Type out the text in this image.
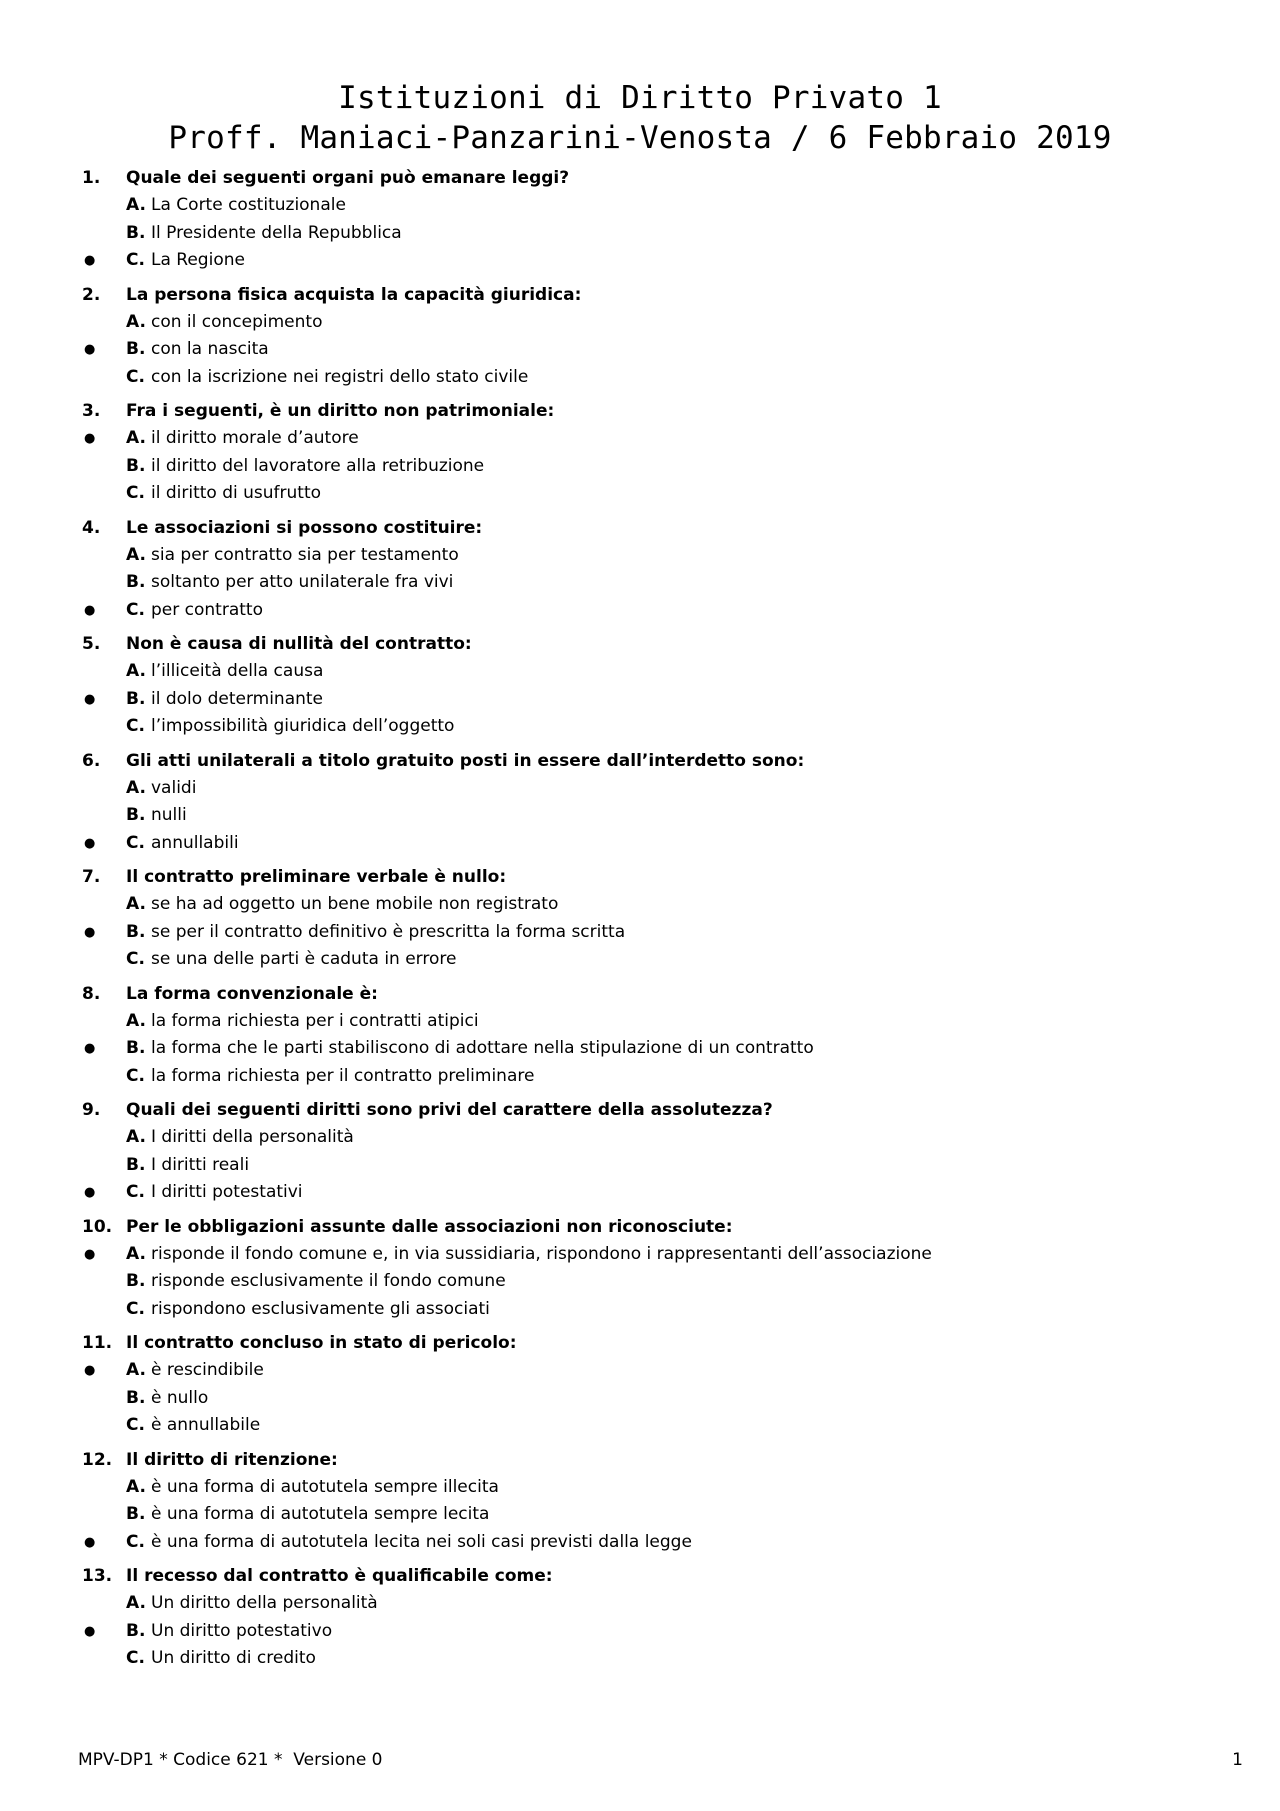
Istituzioni di Diritto Privato 1
Proff. Maniaci-Panzarini-Venosta / 6 Febbraio 2019
1. Quale dei seguenti organi può emanare leggi?
A. La Corte costituzionale
B. Il Presidente della Repubblica
● C. La Regione
2. La persona fisica acquista la capacità giuridica:
A. con il concepimento
● B. con la nascita
C. con la iscrizione nei registri dello stato civile
3. Fra i seguenti, è un diritto non patrimoniale:
● A. il diritto morale d’autore
B. il diritto del lavoratore alla retribuzione
C. il diritto di usufrutto
4. Le associazioni si possono costituire:
A. sia per contratto sia per testamento
B. soltanto per atto unilaterale fra vivi
● C. per contratto
5. Non è causa di nullità del contratto:
A. l’illiceità della causa
● B. il dolo determinante
C. l’impossibilità giuridica dell’oggetto
6. Gli atti unilaterali a titolo gratuito posti in essere dall’interdetto sono:
A. validi
B. nulli
● C. annullabili
7. Il contratto preliminare verbale è nullo:
A. se ha ad oggetto un bene mobile non registrato
● B. se per il contratto definitivo è prescritta la forma scritta
C. se una delle parti è caduta in errore
8. La forma convenzionale è:
A. la forma richiesta per i contratti atipici
● B. la forma che le parti stabiliscono di adottare nella stipulazione di un contratto
C. la forma richiesta per il contratto preliminare
9. Quali dei seguenti diritti sono privi del carattere della assolutezza?
A. I diritti della personalità
B. I diritti reali
● C. I diritti potestativi
10. Per le obbligazioni assunte dalle associazioni non riconosciute:
● A. risponde il fondo comune e, in via sussidiaria, rispondono i rappresentanti dell’associazione
B. risponde esclusivamente il fondo comune
C. rispondono esclusivamente gli associati
11. Il contratto concluso in stato di pericolo:
● A. è rescindibile
B. è nullo
C. è annullabile
12. Il diritto di ritenzione:
A. è una forma di autotutela sempre illecita
B. è una forma di autotutela sempre lecita
● C. è una forma di autotutela lecita nei soli casi previsti dalla legge
13. Il recesso dal contratto è qualificabile come:
A. Un diritto della personalità
● B. Un diritto potestativo
C. Un diritto di credito
MPV-DP1 * Codice 621 *  Versione 0	1
